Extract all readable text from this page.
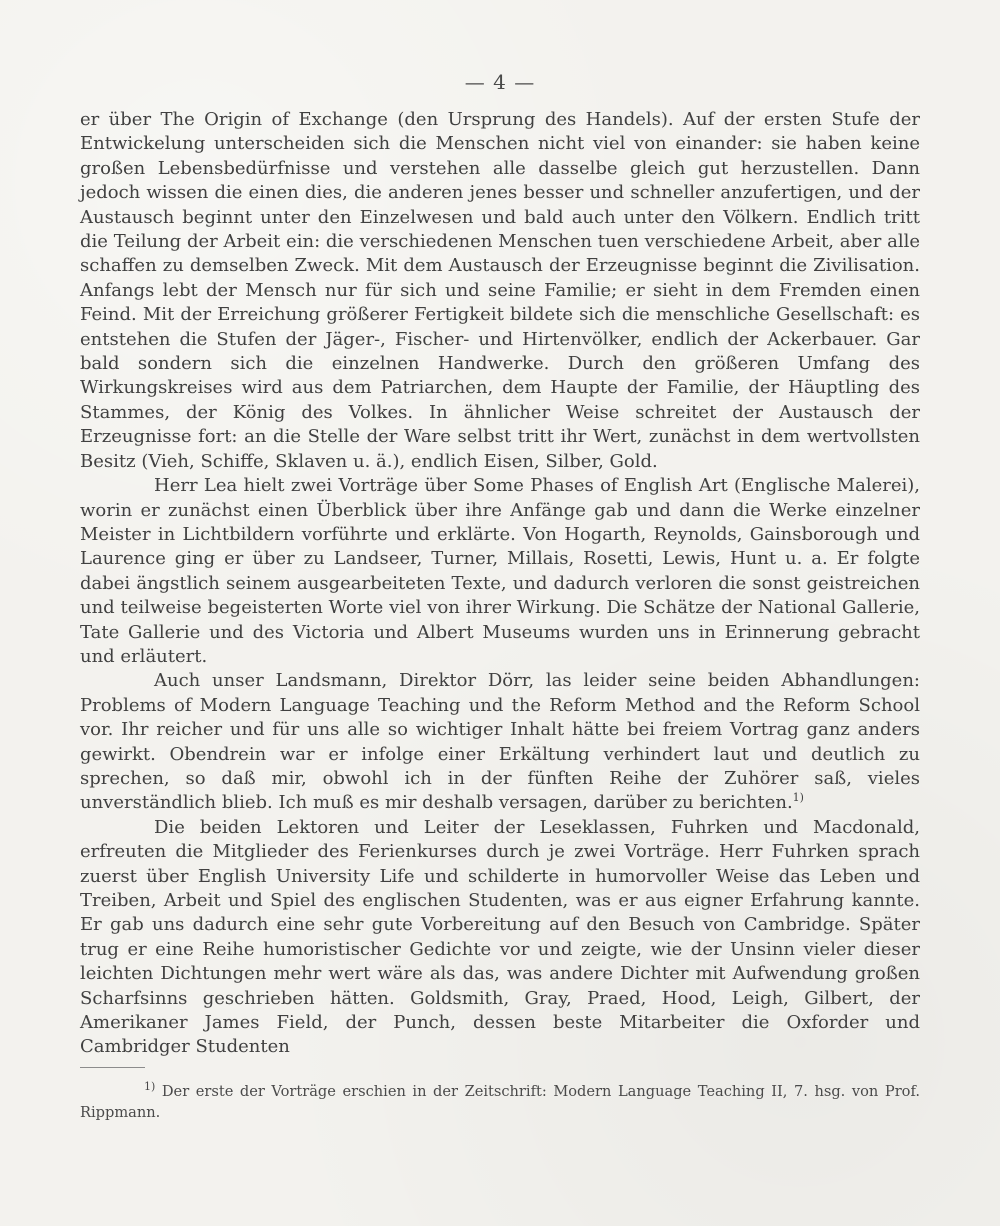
— 4 —

er über The Origin of Exchange (den Ursprung des Handels). Auf der ersten Stufe der Entwickelung unterscheiden sich die Menschen nicht viel von einander: sie haben keine großen Lebensbedürfnisse und verstehen alle dasselbe gleich gut herzustellen. Dann jedoch wissen die einen dies, die anderen jenes besser und schneller anzufertigen, und der Austausch beginnt unter den Einzelwesen und bald auch unter den Völkern. Endlich tritt die Teilung der Arbeit ein: die verschiedenen Menschen tuen verschiedene Arbeit, aber alle schaffen zu demselben Zweck. Mit dem Austausch der Erzeugnisse beginnt die Zivilisation. Anfangs lebt der Mensch nur für sich und seine Familie; er sieht in dem Fremden einen Feind. Mit der Erreichung größerer Fertigkeit bildete sich die menschliche Gesellschaft: es entstehen die Stufen der Jäger-, Fischer- und Hirtenvölker, endlich der Ackerbauer. Gar bald sondern sich die einzelnen Handwerke. Durch den größeren Umfang des Wirkungskreises wird aus dem Patriarchen, dem Haupte der Familie, der Häuptling des Stammes, der König des Volkes. In ähnlicher Weise schreitet der Austausch der Erzeugnisse fort: an die Stelle der Ware selbst tritt ihr Wert, zunächst in dem wertvollsten Besitz (Vieh, Schiffe, Sklaven u. ä.), endlich Eisen, Silber, Gold.

Herr Lea hielt zwei Vorträge über Some Phases of English Art (Englische Malerei), worin er zunächst einen Überblick über ihre Anfänge gab und dann die Werke einzelner Meister in Lichtbildern vorführte und erklärte. Von Hogarth, Reynolds, Gainsborough und Laurence ging er über zu Landseer, Turner, Millais, Rosetti, Lewis, Hunt u. a. Er folgte dabei ängstlich seinem ausgearbeiteten Texte, und dadurch verloren die sonst geistreichen und teilweise begeisterten Worte viel von ihrer Wirkung. Die Schätze der National Gallerie, Tate Gallerie und des Victoria und Albert Museums wurden uns in Erinnerung gebracht und erläutert.

Auch unser Landsmann, Direktor Dörr, las leider seine beiden Abhandlungen: Problems of Modern Language Teaching und the Reform Method and the Reform School vor. Ihr reicher und für uns alle so wichtiger Inhalt hätte bei freiem Vortrag ganz anders gewirkt. Obendrein war er infolge einer Erkältung verhindert laut und deutlich zu sprechen, so daß mir, obwohl ich in der fünften Reihe der Zuhörer saß, vieles unverständlich blieb. Ich muß es mir deshalb versagen, darüber zu berichten.$^{1)}$

Die beiden Lektoren und Leiter der Leseklassen, Fuhrken und Macdonald, erfreuten die Mitglieder des Ferienkurses durch je zwei Vorträge. Herr Fuhrken sprach zuerst über English University Life und schilderte in humorvoller Weise das Leben und Treiben, Arbeit und Spiel des englischen Studenten, was er aus eigner Erfahrung kannte. Er gab uns dadurch eine sehr gute Vorbereitung auf den Besuch von Cambridge. Später trug er eine Reihe humoristischer Gedichte vor und zeigte, wie der Unsinn vieler dieser leichten Dichtungen mehr wert wäre als das, was andere Dichter mit Aufwendung großen Scharfsinns geschrieben hätten. Goldsmith, Gray, Praed, Hood, Leigh, Gilbert, der Amerikaner James Field, der Punch, dessen beste Mitarbeiter die Oxforder und Cambridger Studenten

$^{1)}$ Der erste der Vorträge erschien in der Zeitschrift: Modern Language Teaching II, 7. hsg. von Prof. Rippmann.
